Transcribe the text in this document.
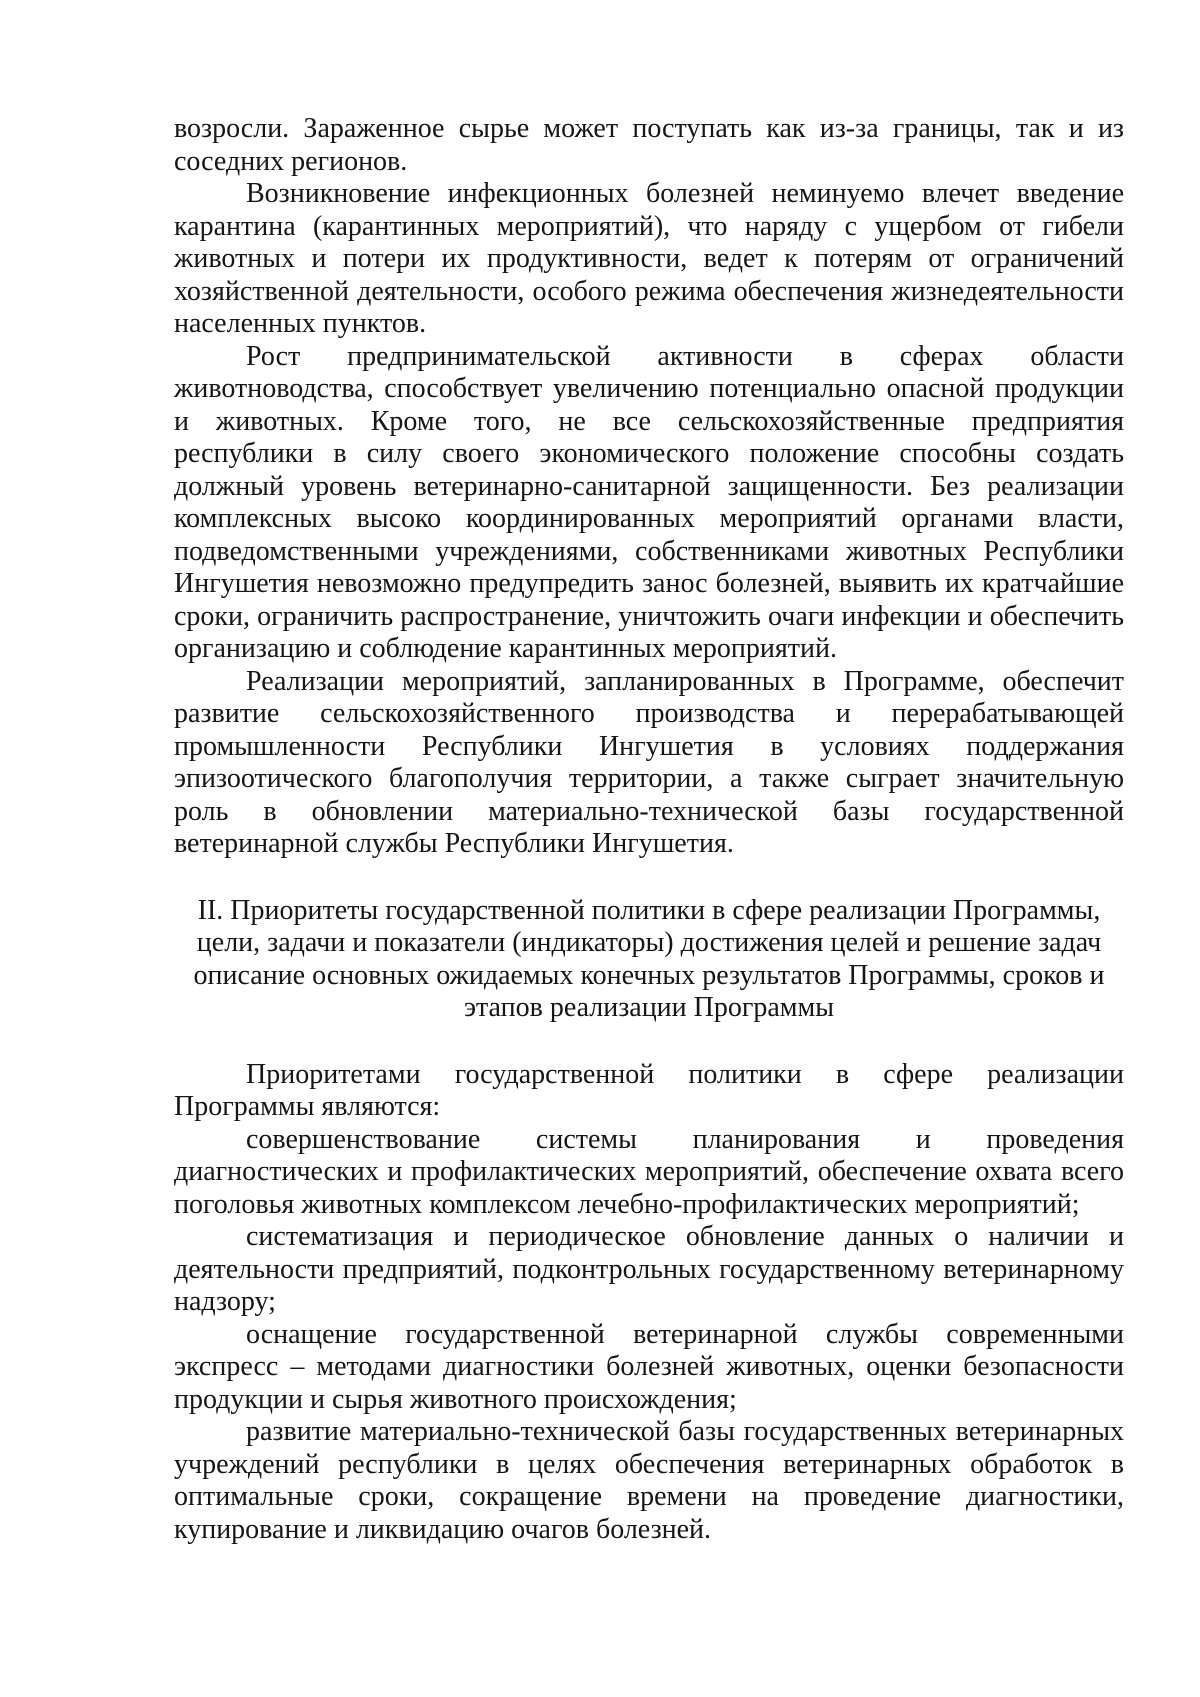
возросли. Зараженное сырье может поступать как из-за границы, так и из соседних регионов.

Возникновение инфекционных болезней неминуемо влечет введение карантина (карантинных мероприятий), что наряду с ущербом от гибели животных и потери их продуктивности, ведет к потерям от ограничений хозяйственной деятельности, особого режима обеспечения жизнедеятельности населенных пунктов.

Рост предпринимательской активности в сферах области животноводства, способствует увеличению потенциально опасной продукции и животных. Кроме того, не все сельскохозяйственные предприятия республики в силу своего экономического положение способны создать должный уровень ветеринарно-санитарной защищенности. Без реализации комплексных высоко координированных мероприятий органами власти, подведомственными учреждениями, собственниками животных Республики Ингушетия невозможно предупредить занос болезней, выявить их кратчайшие сроки, ограничить распространение, уничтожить очаги инфекции и обеспечить организацию и соблюдение карантинных мероприятий.

Реализации мероприятий, запланированных в Программе, обеспечит развитие сельскохозяйственного производства и перерабатывающей промышленности Республики Ингушетия в условиях поддержания эпизоотического благополучия территории, а также сыграет значительную роль в обновлении материально-технической базы государственной ветеринарной службы Республики Ингушетия.

II. Приоритеты государственной политики в сфере реализации Программы,
цели, задачи и показатели (индикаторы) достижения целей и решение задач
описание основных ожидаемых конечных результатов Программы, сроков и
этапов реализации Программы

Приоритетами государственной политики в сфере реализации Программы являются:

совершенствование системы планирования и проведения диагностических и профилактических мероприятий, обеспечение охвата всего поголовья животных комплексом лечебно-профилактических мероприятий;

систематизация и периодическое обновление данных о наличии и деятельности предприятий, подконтрольных государственному ветеринарному надзору;

оснащение государственной ветеринарной службы современными экспресс – методами диагностики болезней животных, оценки безопасности продукции и сырья животного происхождения;

развитие материально-технической базы государственных ветеринарных учреждений республики в целях обеспечения ветеринарных обработок в оптимальные сроки, сокращение времени на проведение диагностики, купирование и ликвидацию очагов болезней.
